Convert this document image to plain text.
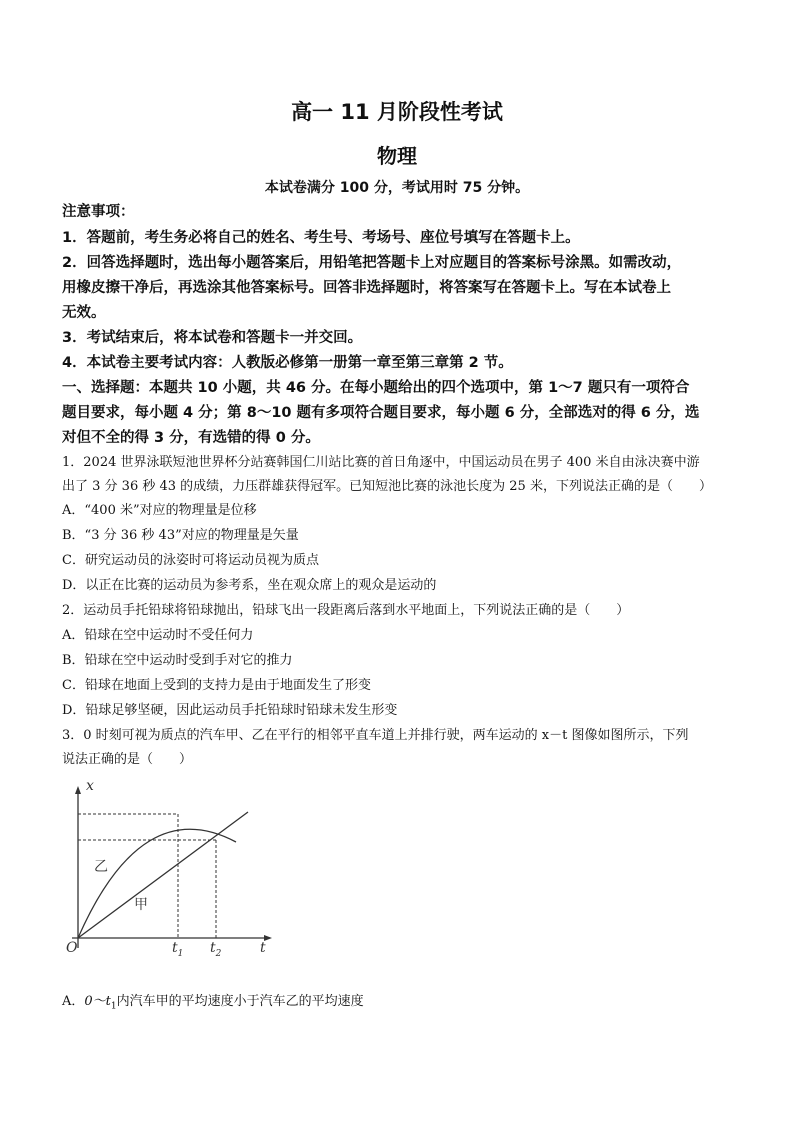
高一 11 月阶段性考试
物理
本试卷满分 100 分，考试用时 75 分钟。
注意事项：
1．答题前，考生务必将自己的姓名、考生号、考场号、座位号填写在答题卡上。
2．回答选择题时，选出每小题答案后，用铅笔把答题卡上对应题目的答案标号涂黑。如需改动，
用橡皮擦干净后，再选涂其他答案标号。回答非选择题时，将答案写在答题卡上。写在本试卷上
无效。
3．考试结束后，将本试卷和答题卡一并交回。
4．本试卷主要考试内容：人教版必修第一册第一章至第三章第 2 节。
一、选择题：本题共 10 小题，共 46 分。在每小题给出的四个选项中，第 1～7 题只有一项符合
题目要求，每小题 4 分；第 8～10 题有多项符合题目要求，每小题 6 分，全部选对的得 6 分，选
对但不全的得 3 分，有选错的得 0 分。
1．2024 世界泳联短池世界杯分站赛韩国仁川站比赛的首日角逐中，中国运动员在男子 400 米自由泳决赛中游
出了 3 分 36 秒 43 的成绩，力压群雄获得冠军。已知短池比赛的泳池长度为 25 米，下列说法正确的是（　　）
A．“400 米”对应的物理量是位移
B．“3 分 36 秒 43”对应的物理量是矢量
C．研究运动员的泳姿时可将运动员视为质点
D．以正在比赛的运动员为参考系，坐在观众席上的观众是运动的
2．运动员手托铅球将铅球抛出，铅球飞出一段距离后落到水平地面上，下列说法正确的是（　　）
A．铅球在空中运动时不受任何力
B．铅球在空中运动时受到手对它的推力
C．铅球在地面上受到的支持力是由于地面发生了形变
D．铅球足够坚硬，因此运动员手托铅球时铅球未发生形变
3．0 时刻可视为质点的汽车甲、乙在平行的相邻平直车道上并排行驶，两车运动的 x－t 图像如图所示，下列
说法正确的是（　　）
x
t
O	$t_1$ $t_2$
乙
甲
A．$0\sim t_1$内汽车甲的平均速度小于汽车乙的平均速度
